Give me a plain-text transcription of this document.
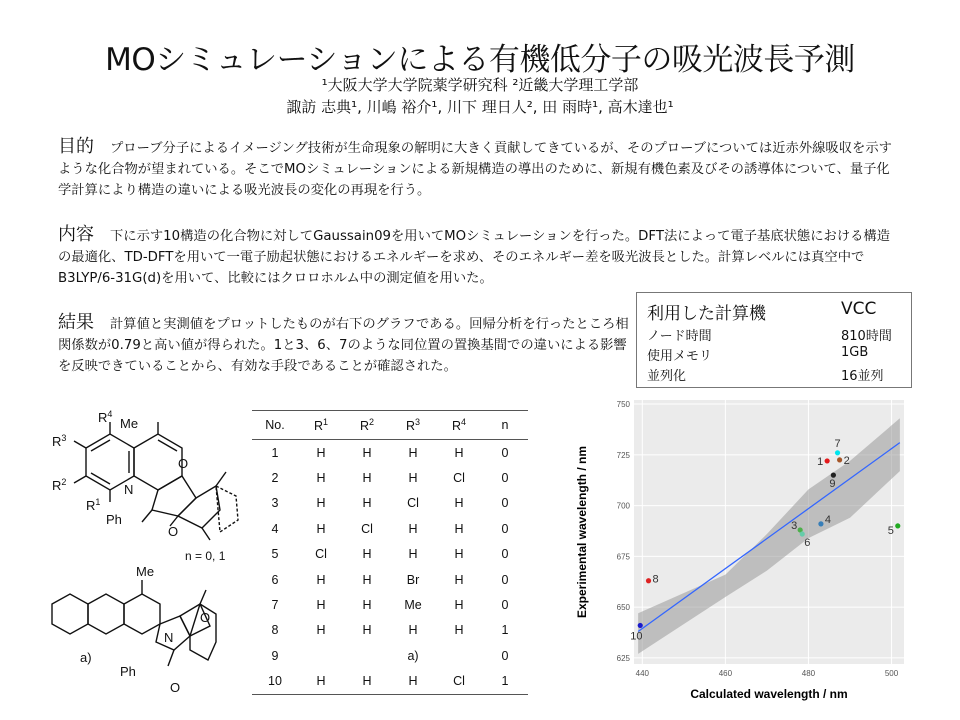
MOシミュレーションによる有機低分子の吸光波長予測
¹大阪大学大学院薬学研究科 ²近畿大学理工学部
諏訪 志典¹, 川嶋 裕介¹, 川下 理日人², 田 雨時¹, 高木達也¹
目的 プローブ分子によるイメージング技術が生命現象の解明に大きく貢献してきているが、そのプローブについては近赤外線吸収を示すような化合物が望まれている。そこでMOシミュレーションによる新規構造の導出のために、新規有機色素及びその誘導体について、量子化学計算により構造の違いによる吸光波長の変化の再現を行う。
内容 下に示す10構造の化合物に対してGaussain09を用いてMOシミュレーションを行った。DFT法によって電子基底状態における構造の最適化、TD-DFTを用いて一電子励起状態におけるエネルギーを求め、そのエネルギー差を吸光波長とした。計算レベルには真空中でB3LYP/6-31G(d)を用いて、比較にはクロロホルム中の測定値を用いた。
結果 計算値と実測値をプロットしたものが右下のグラフである。回帰分析を行ったところ相関係数が0.79と高い値が得られた。1と3、6、7のような同位置の置換基間での違いによる影響を反映できていることから、有効な手段であることが確認された。
利用した計算機	VCC
ノード時間	810時間
使用メモリ	1GB
並列化	16並列
$R^4$
Me
$R^3$
$R^2$
$R^1$
N
Ph
O
O
n = 0, 1
Me
N
Ph
O
O
a)
No.	$R^1$	$R^2$	$R^3$	$R^4$	n
1	H	H	H	H	0
2	H	H	H	Cl	0
3	H	H	Cl	H	0
4	H	Cl	H	H	0
5	Cl	H	H	H	0
6	H	H	Br	H	0
7	H	H	Me	H	0
8	H	H	H	H	1
9			a)		0
10	H	H	H	Cl	1
1 2
3
4
5
6
7
8
9
10
440	460	480	500
625
650
675
700
725
750
Calculated wavelength / nm
Experimental wavelength / nm
